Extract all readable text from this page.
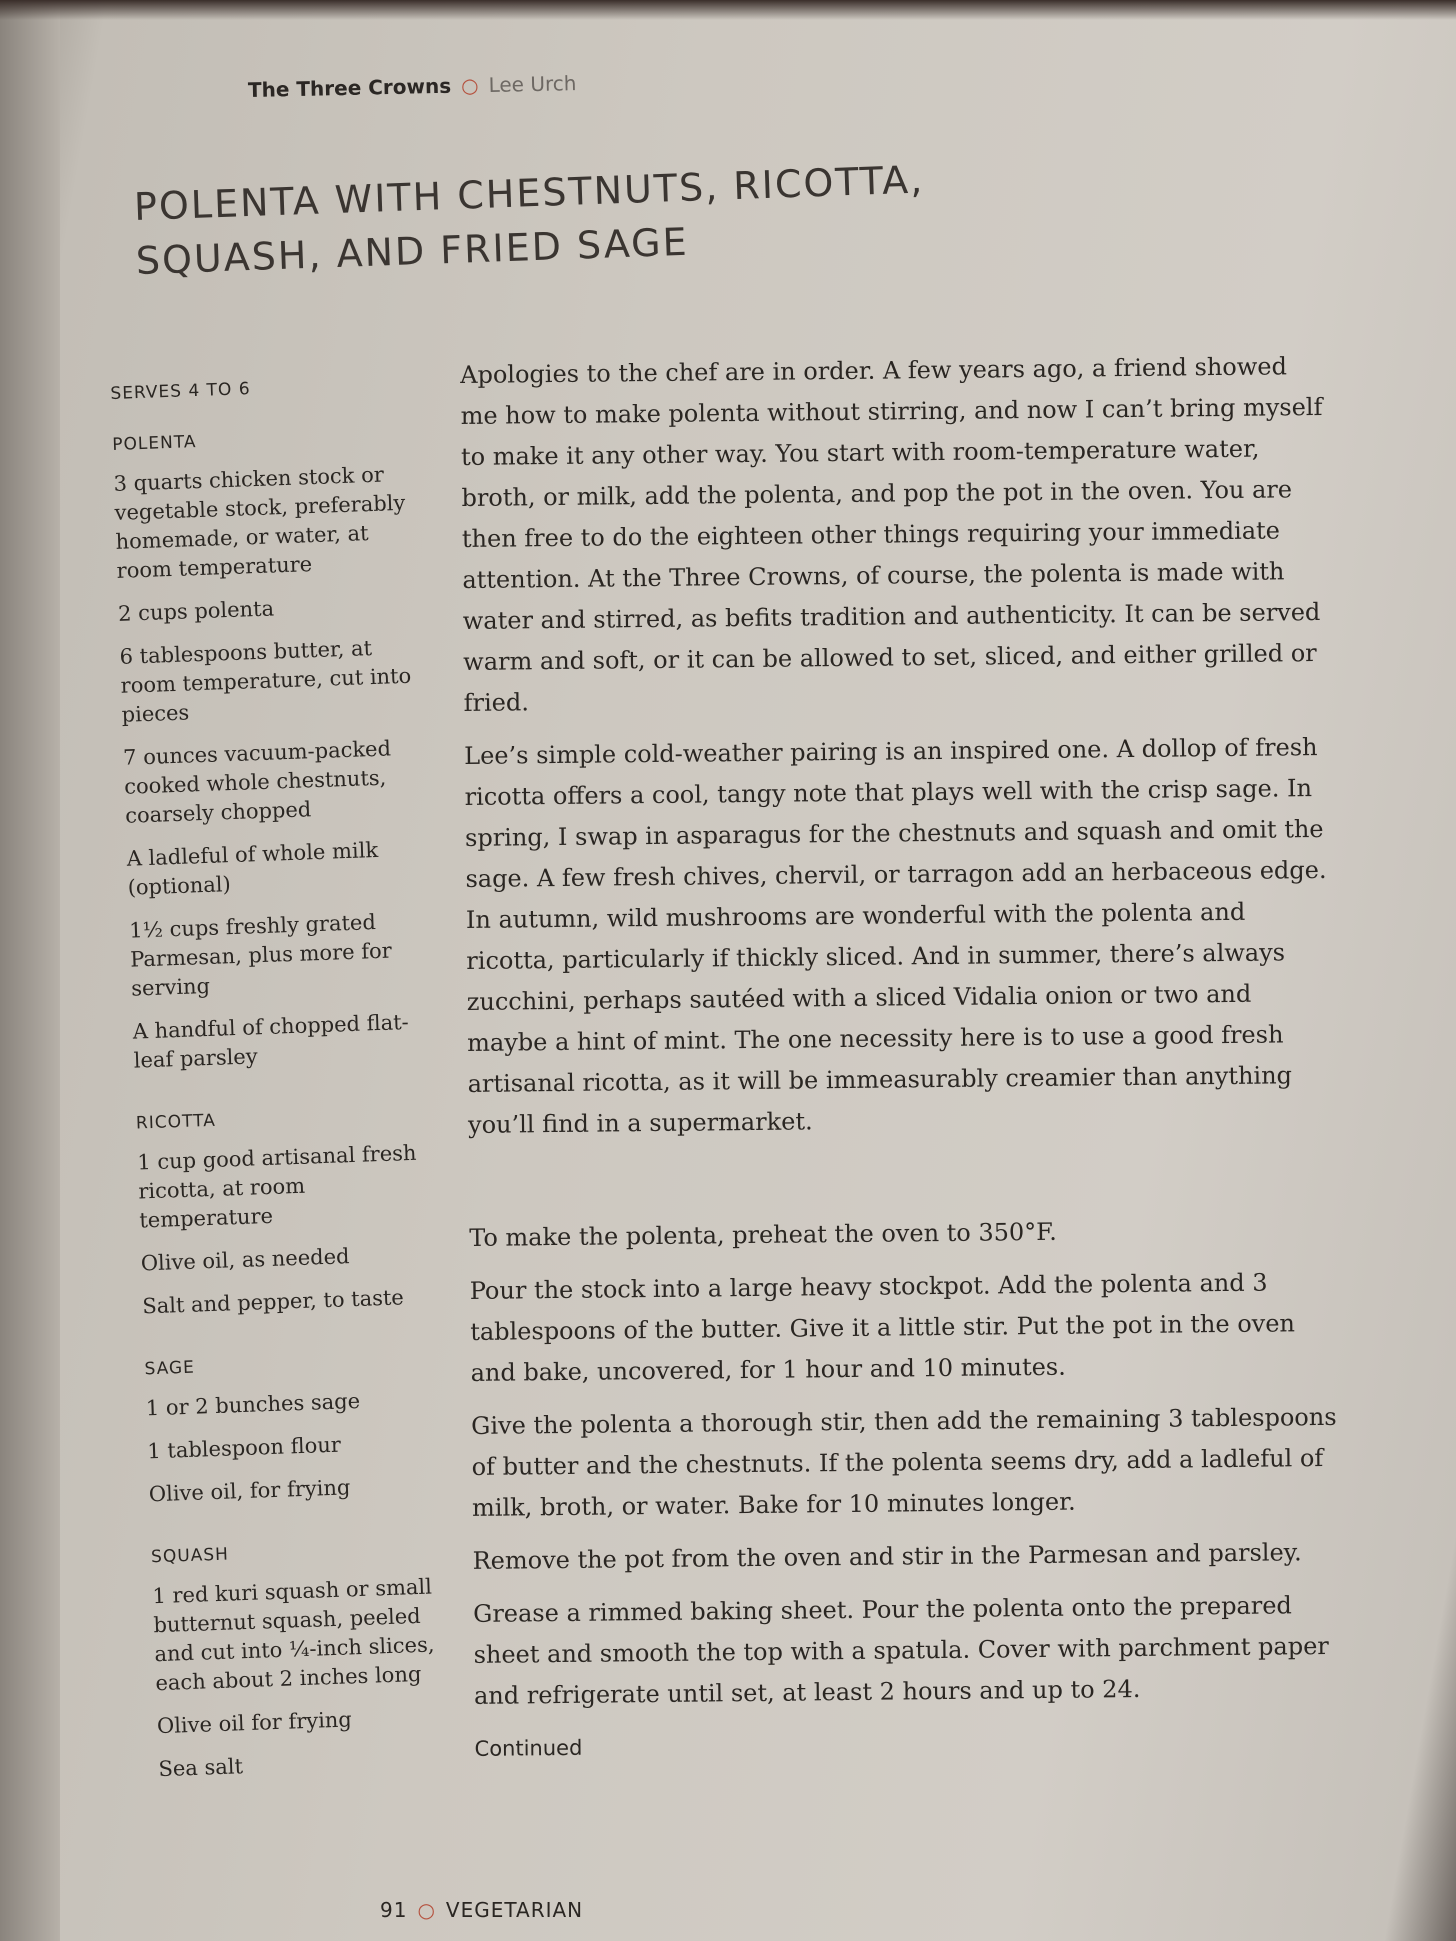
The Three Crowns ○ Lee Urch
POLENTA WITH CHESTNUTS, RICOTTA,
SQUASH, AND FRIED SAGE
SERVES 4 TO 6
POLENTA
3 quarts chicken stock or vegetable stock, preferably homemade, or water, at room temperature
2 cups polenta
6 tablespoons butter, at room temperature, cut into pieces
7 ounces vacuum-packed cooked whole chestnuts, coarsely chopped
A ladleful of whole milk (optional)
1½ cups freshly grated Parmesan, plus more for serving
A handful of chopped flat-leaf parsley
RICOTTA
1 cup good artisanal fresh ricotta, at room temperature
Olive oil, as needed
Salt and pepper, to taste
SAGE
1 or 2 bunches sage
1 tablespoon flour
Olive oil, for frying
SQUASH
1 red kuri squash or small butternut squash, peeled and cut into ¼-inch slices, each about 2 inches long
Olive oil for frying
Sea salt

Apologies to the chef are in order. A few years ago, a friend showed me how to make polenta without stirring, and now I can’t bring myself to make it any other way. You start with room-temperature water, broth, or milk, add the polenta, and pop the pot in the oven. You are then free to do the eighteen other things requiring your immediate attention. At the Three Crowns, of course, the polenta is made with water and stirred, as befits tradition and authenticity. It can be served warm and soft, or it can be allowed to set, sliced, and either grilled or fried.

Lee’s simple cold-weather pairing is an inspired one. A dollop of fresh ricotta offers a cool, tangy note that plays well with the crisp sage. In spring, I swap in asparagus for the chestnuts and squash and omit the sage. A few fresh chives, chervil, or tarragon add an herbaceous edge. In autumn, wild mushrooms are wonderful with the polenta and ricotta, particularly if thickly sliced. And in summer, there’s always zucchini, perhaps sautéed with a sliced Vidalia onion or two and maybe a hint of mint. The one necessity here is to use a good fresh artisanal ricotta, as it will be immeasurably creamier than anything you’ll find in a supermarket.

To make the polenta, preheat the oven to 350°F.

Pour the stock into a large heavy stockpot. Add the polenta and 3 tablespoons of the butter. Give it a little stir. Put the pot in the oven and bake, uncovered, for 1 hour and 10 minutes.

Give the polenta a thorough stir, then add the remaining 3 tablespoons of butter and the chestnuts. If the polenta seems dry, add a ladleful of milk, broth, or water. Bake for 10 minutes longer.

Remove the pot from the oven and stir in the Parmesan and parsley.

Grease a rimmed baking sheet. Pour the polenta onto the prepared sheet and smooth the top with a spatula. Cover with parchment paper and refrigerate until set, at least 2 hours and up to 24.

Continued
91 ○ VEGETARIAN
